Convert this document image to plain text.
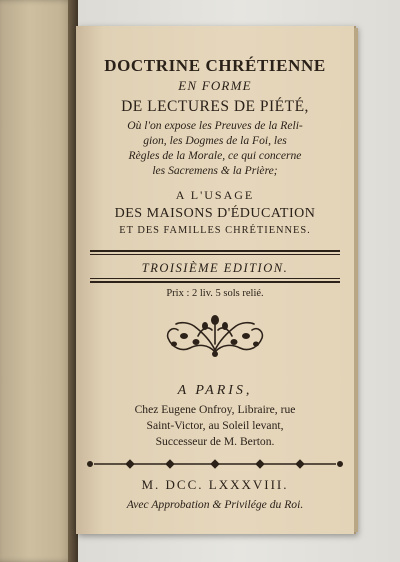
DOCTRINE CHRÉTIENNE
EN FORME
DE LECTURES DE PIÉTÉ,
Où l'on expose les Preuves de la Reli-
gion, les Dogmes de la Foi, les
Règles de la Morale, ce qui concerne
les Sacremens & la Prière;
A L'USAGE
DES MAISONS D'ÉDUCATION
ET DES FAMILLES CHRÉTIENNES.
TROISIÈME EDITION.
Prix : 2 liv. 5 sols relié.
A PARIS,
Chez Eugene Onfroy, Libraire, rue
Saint-Victor, au Soleil levant,
Successeur de M. Berton.
M. DCC. LXXXVIII.
Avec Approbation & Privilége du Roi.
